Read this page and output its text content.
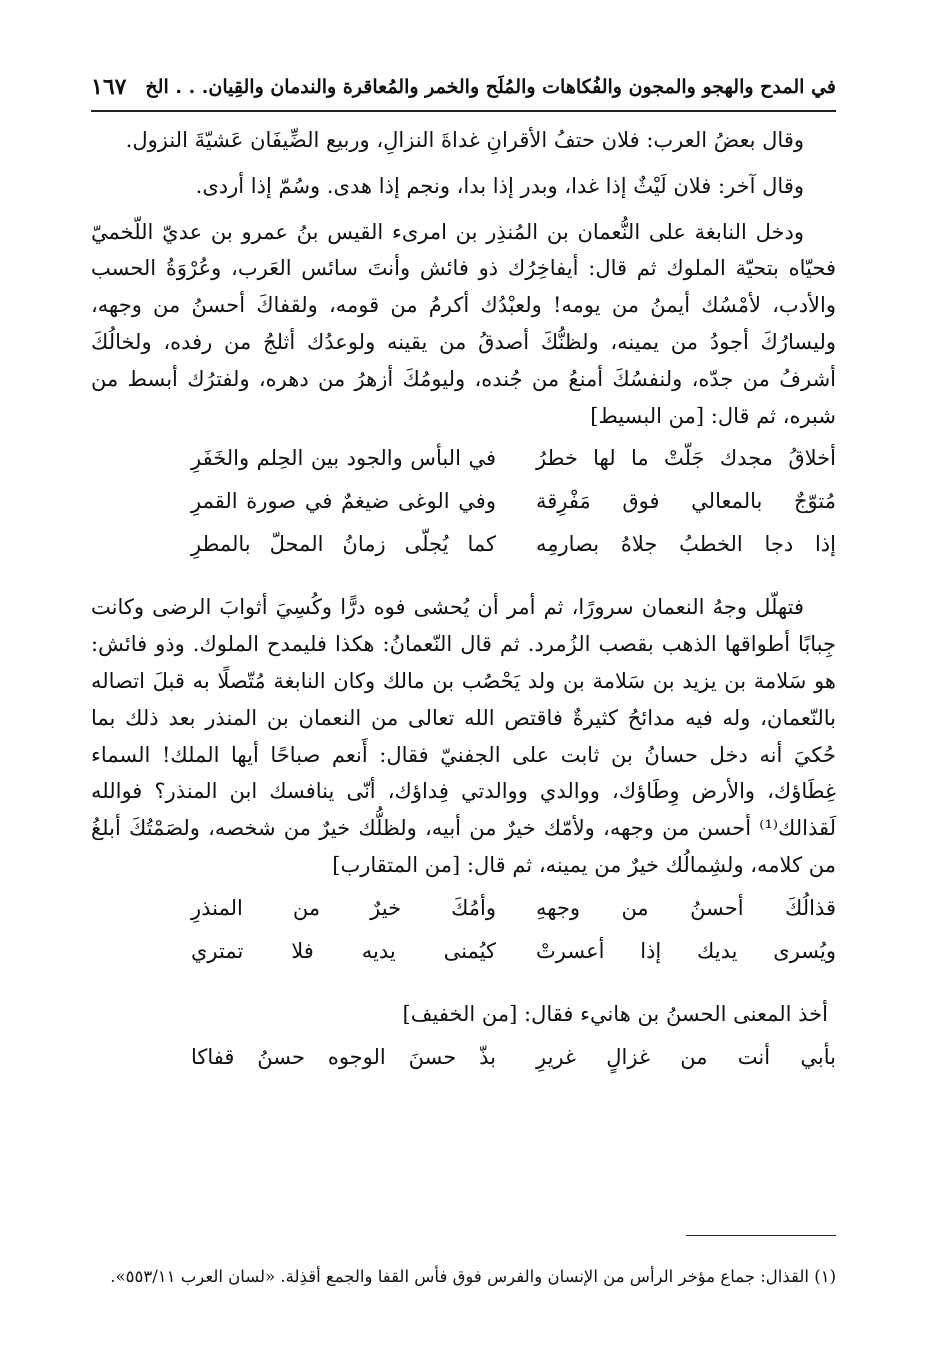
في المدح والهجو والمجون والفُكاهات والمُلَح والخمر والمُعاقرة والندمان والقِيان. . . الخ
١٦٧

وقال بعضُ العرب: فلان حتفُ الأقرانِ غداةَ النزالِ، وربيع الضِّيفَان عَشيّةَ النزول.

وقال آخر: فلان لَيْثٌ إذا غدا، وبدر إذا بدا، ونجم إذا هدى. وسُمّ إذا أردى.

ودخل النابغة على النُّعمان بن المُنذِر بن امرىء القيس بنُ عمرو بن عديّ اللّخميّ فحيّاه بتحيّة الملوك ثم قال: أيفاخِرُك ذو فائش وأنتَ سائس العَرب، وعُرْوَةُ الحسب والأدب، لأمْسُك أيمنُ من يومه! ولعبْدُك أكرمُ من قومه، ولقفاكَ أحسنُ من وجهه، وليسارُكَ أجودُ من يمينه، ولظنُّكَ أصدقُ من يقينه ولوعدُك أثلجُ من رفده، ولخالُكَ أشرفُ من جدّه، ولنفسُكَ أمنعُ من جُنده، وليومُكَ أزهرُ من دهره، ولفترُك أبسط من شبره، ثم قال: [من البسيط]

أخلاقُ مجدك جَلّتْ ما لها خطرُ
في البأس والجود بين الحِلم والخَفَرِ
مُتوّجٌ بالمعالي فوق مَفْرِقة
وفي الوغى ضيغمٌ في صورة القمرِ
إذا دجا الخطبُ جلاهُ بصارمِه
كما يُجلّى زمانُ المحلّ بالمطرِ

فتهلّل وجهُ النعمان سرورًا، ثم أمر أن يُحشى فوه درًّا وكُسِيَ أثوابَ الرضى وكانت جِبابًا أطواقها الذهب بقصب الزُمرد. ثم قال النّعمانُ: هكذا فليمدح الملوك. وذو فائش: هو سَلامة بن يزيد بن سَلامة بن ولد يَحْصُب بن مالك وكان النابغة مُتّصلًا به قبلَ اتصاله بالنّعمان، وله فيه مدائحُ كثيرةٌ فاقتص الله تعالى من النعمان بن المنذر بعد ذلك بما حُكيَ أنه دخل حسانُ بن ثابت على الجفنيّ فقال: أَنعم صباحًا أيها الملك! السماء غِطَاؤك، والأرض وِطَاؤك، ووالدي ووالدتي فِداؤك، أنّى ينافسك ابن المنذر؟ فوالله لَقذالك⁽¹⁾ أحسن من وجهه، ولأمّك خيرٌ من أبيه، ولظلُّك خيرٌ من شخصه، ولصَمْتُكَ أبلغُ من كلامه، ولشِمالُك خيرٌ من يمينه، ثم قال: [من المتقارب]

قذالُكَ أحسنُ من وجههِ
وأمُكَ خيرٌ من المنذرِ
ويُسرى يديك إذا أعسرتْ
كيُمنى يديه فلا تمتري

أخذ المعنى الحسنُ بن هانيء فقال: [من الخفيف]

بأبي أنت من غزالٍ غريرِ
بذّ حسنَ الوجوه حسنُ قفاكا

(١) القذال: جماع مؤخر الرأس من الإنسان والفرس فوق فأس القفا والجمع أقذِلة. «لسان العرب ٥٥٣/١١».
